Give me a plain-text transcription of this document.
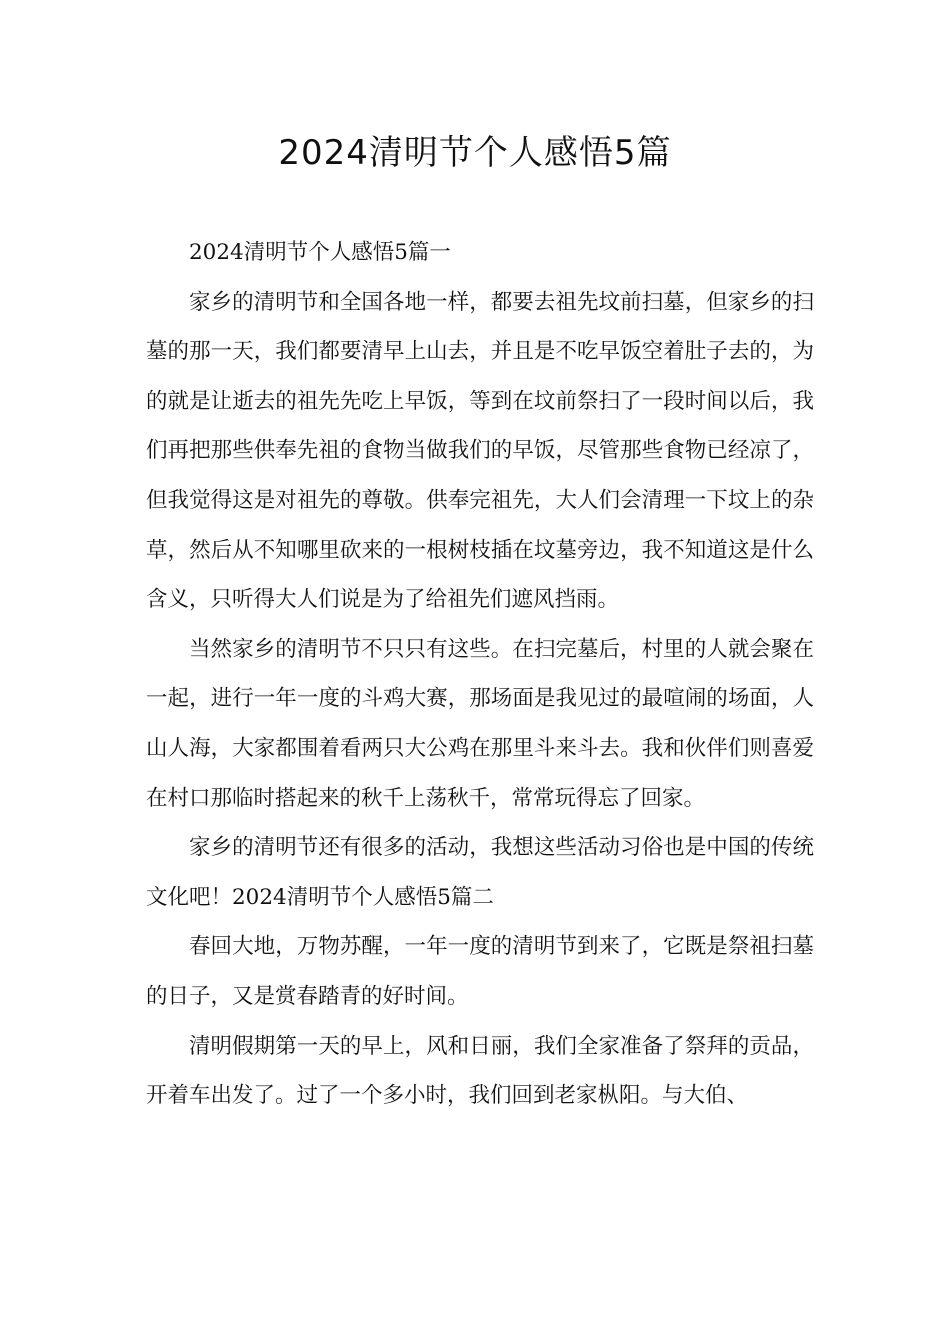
2024清明节个人感悟5篇

2024清明节个人感悟5篇一

家乡的清明节和全国各地一样，都要去祖先坟前扫墓，但家乡的扫墓的那一天，我们都要清早上山去，并且是不吃早饭空着肚子去的，为的就是让逝去的祖先先吃上早饭，等到在坟前祭扫了一段时间以后，我们再把那些供奉先祖的食物当做我们的早饭，尽管那些食物已经凉了，但我觉得这是对祖先的尊敬。供奉完祖先，大人们会清理一下坟上的杂草，然后从不知哪里砍来的一根树枝插在坟墓旁边，我不知道这是什么含义，只听得大人们说是为了给祖先们遮风挡雨。

当然家乡的清明节不只只有这些。在扫完墓后，村里的人就会聚在一起，进行一年一度的斗鸡大赛，那场面是我见过的最喧闹的场面，人山人海，大家都围着看两只大公鸡在那里斗来斗去。我和伙伴们则喜爱在村口那临时搭起来的秋千上荡秋千，常常玩得忘了回家。

家乡的清明节还有很多的活动，我想这些活动习俗也是中国的传统文化吧！2024清明节个人感悟5篇二

春回大地，万物苏醒，一年一度的清明节到来了，它既是祭祖扫墓的日子，又是赏春踏青的好时间。

清明假期第一天的早上，风和日丽，我们全家准备了祭拜的贡品，开着车出发了。过了一个多小时，我们回到老家枞阳。与大伯、
